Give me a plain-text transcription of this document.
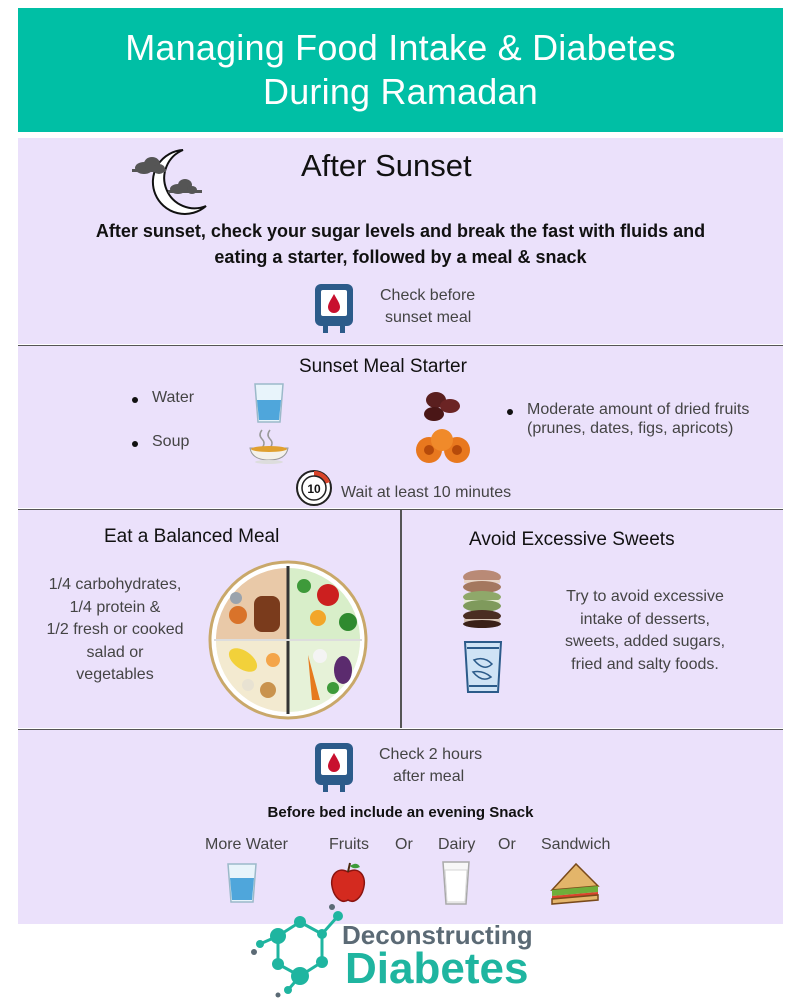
Managing Food Intake & Diabetes
During Ramadan
After Sunset
After sunset, check your sugar levels and break the fast with fluids and
eating a starter, followed by a meal & snack
Check before
sunset meal
Sunset Meal Starter
Water
Soup
Moderate amount of dried fruits
(prunes, dates, figs, apricots)
10 Wait at least 10 minutes
Eat a Balanced Meal
1/4 carbohydrates,
1/4 protein &
1/2 fresh or cooked
salad or
vegetables
Avoid Excessive Sweets
Try to avoid excessive
intake of desserts,
sweets, added sugars,
fried and salty foods.
Check 2 hours
after meal
Before bed include an evening Snack
More Water	Fruits Or Dairy Or Sandwich
Deconstructing
Diabetes
